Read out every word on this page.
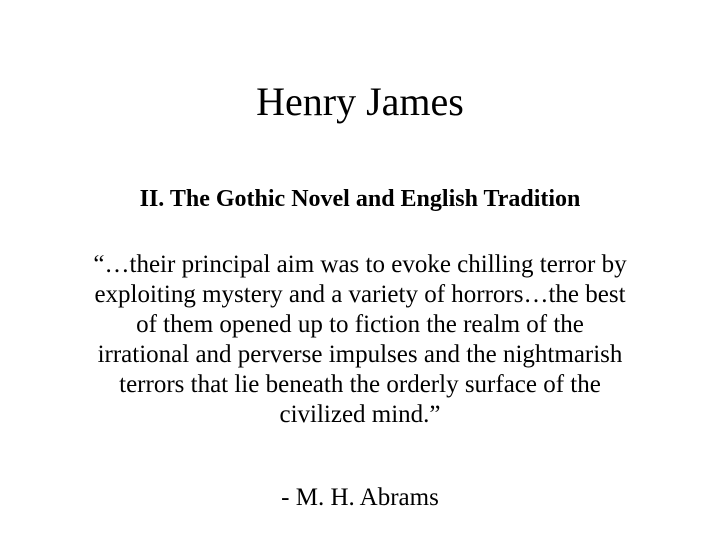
Henry James
II. The Gothic Novel and English Tradition

“…their principal aim was to evoke chilling terror by
exploiting mystery and a variety of horrors…the best
of them opened up to fiction the realm of the
irrational and perverse impulses and the nightmarish
terrors that lie beneath the orderly surface of the
civilized mind.”

- M. H. Abrams
